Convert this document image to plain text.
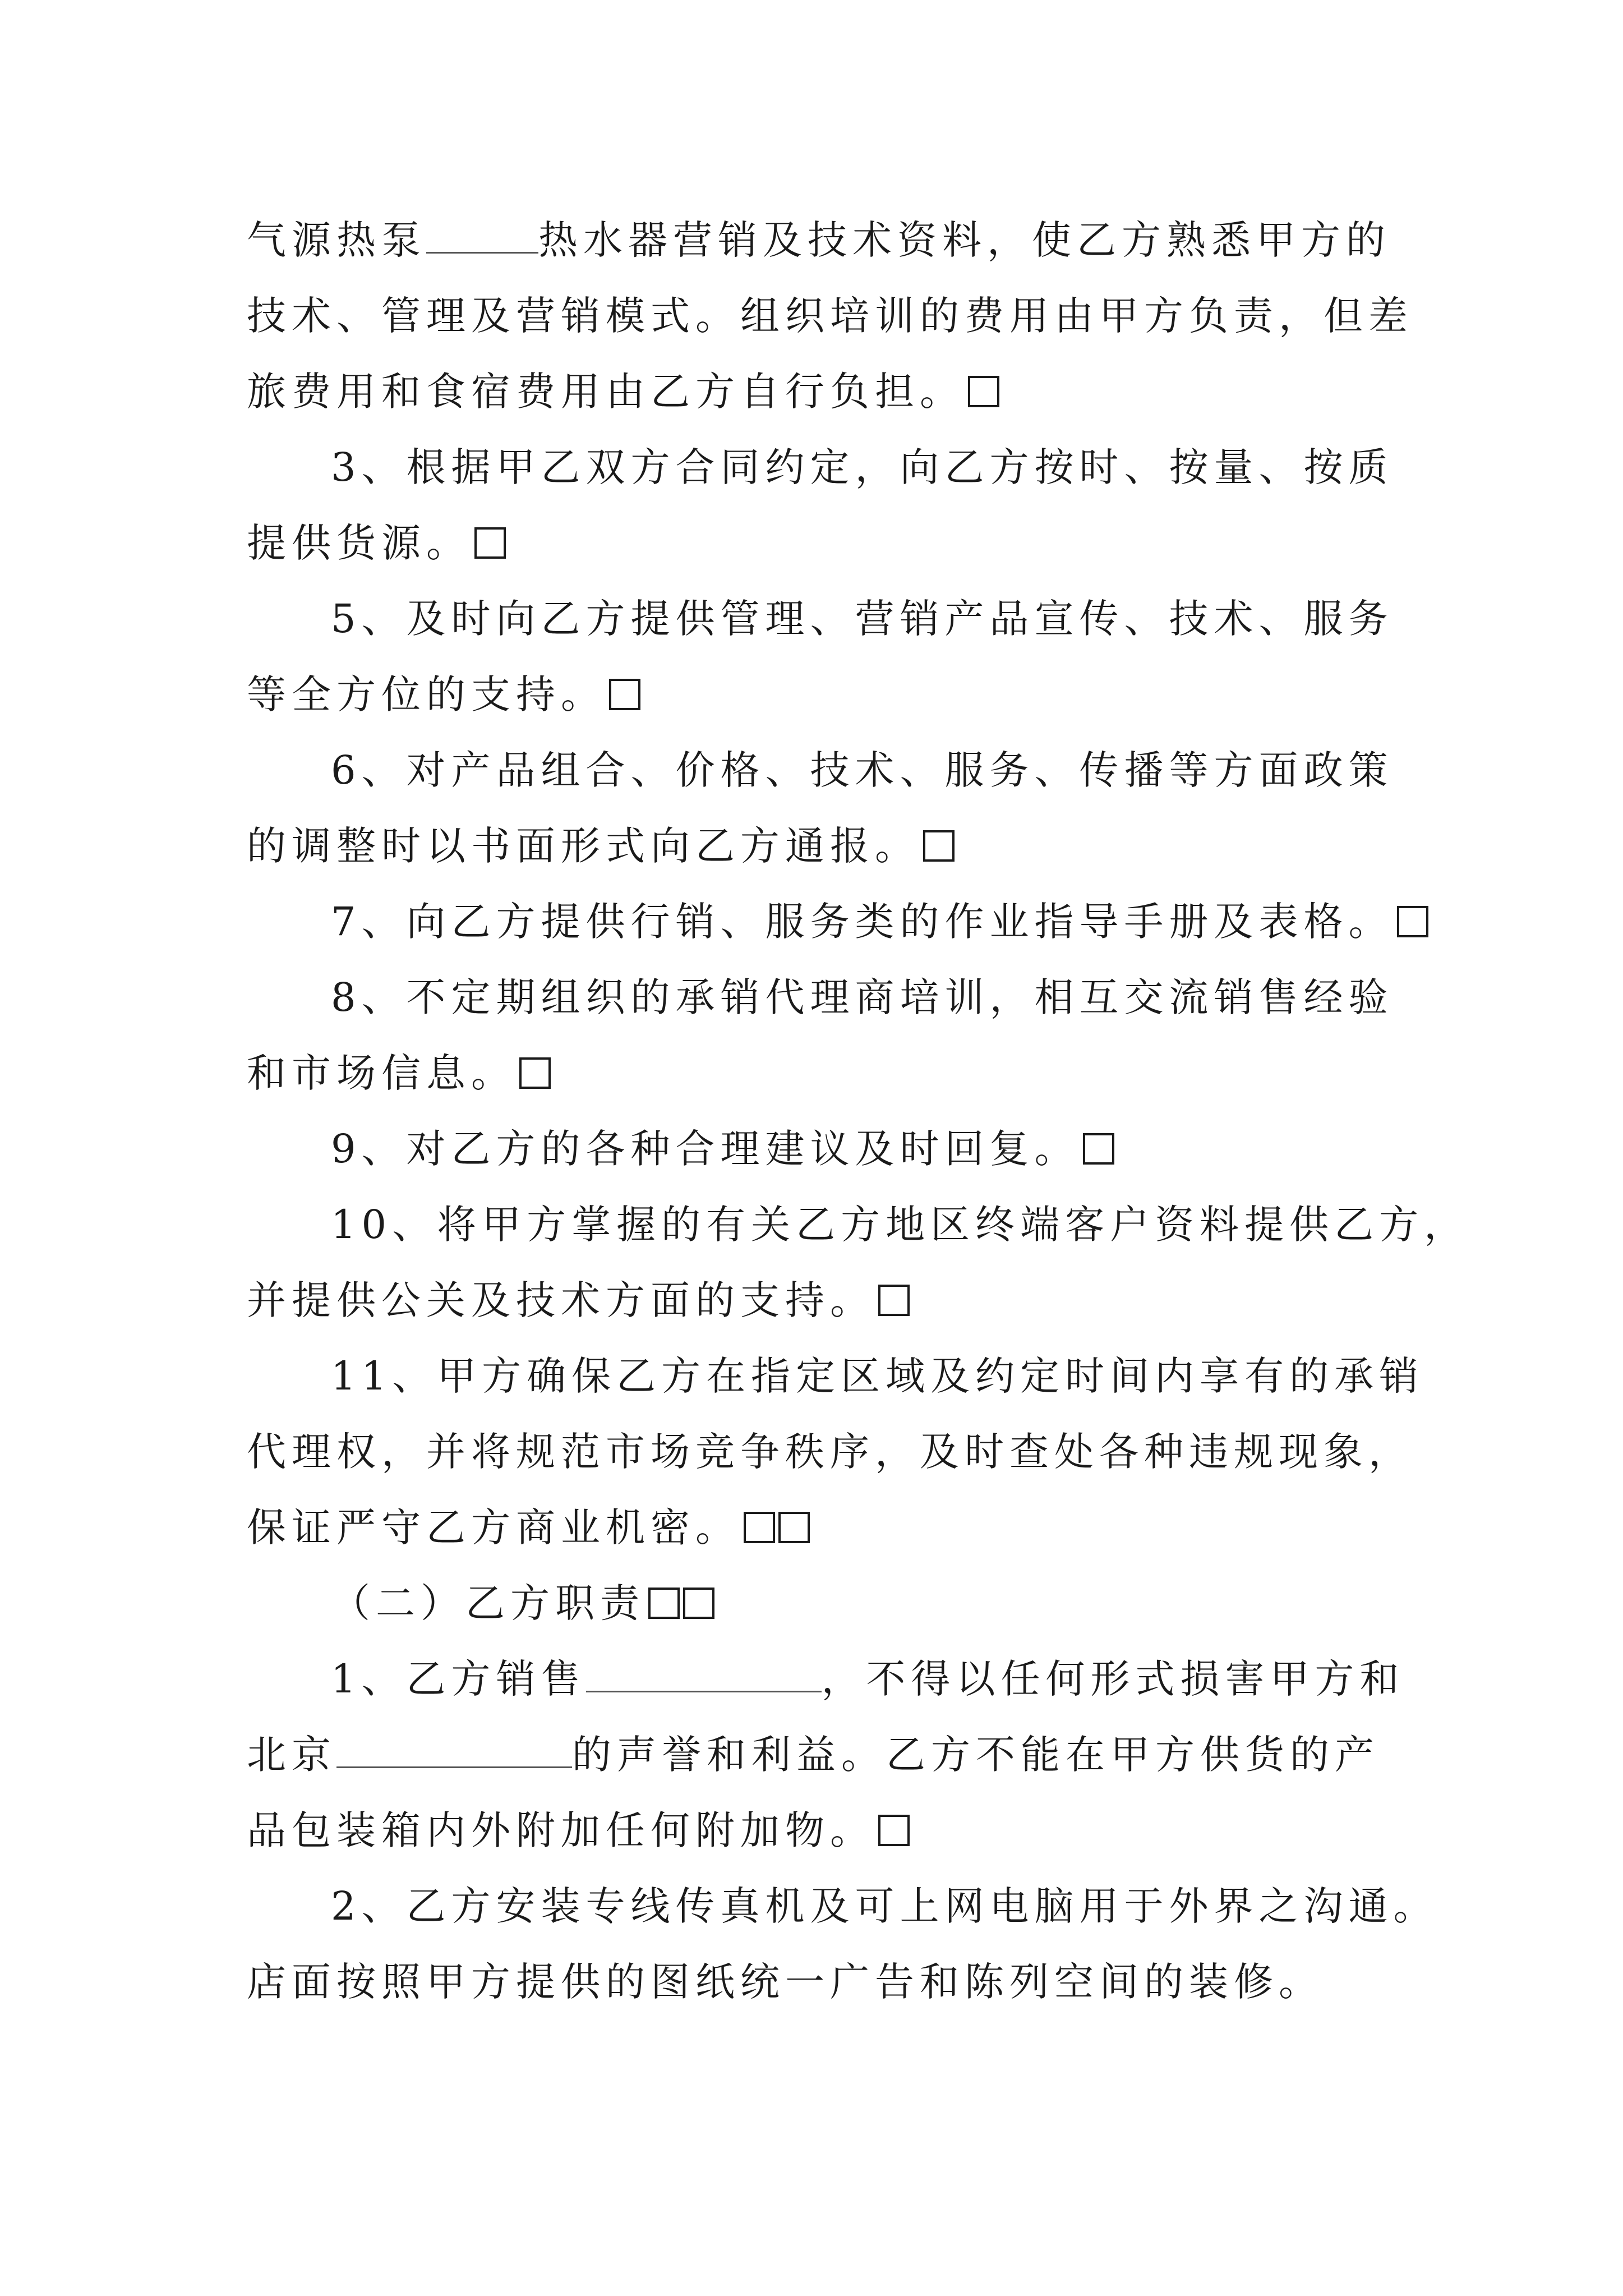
气源热泵	热水器营销及技术资料，使乙方熟悉甲方的
技术、管理及营销模式。组织培训的费用由甲方负责，但差
旅费用和食宿费用由乙方自行负担。
3、根据甲乙双方合同约定，向乙方按时、按量、按质
提供货源。
5、及时向乙方提供管理、营销产品宣传、技术、服务
等全方位的支持。
6、对产品组合、价格、技术、服务、传播等方面政策
的调整时以书面形式向乙方通报。
7、向乙方提供行销、服务类的作业指导手册及表格。
8、不定期组织的承销代理商培训，相互交流销售经验
和市场信息。
9、对乙方的各种合理建议及时回复。
10、将甲方掌握的有关乙方地区终端客户资料提供乙方，
并提供公关及技术方面的支持。
11、甲方确保乙方在指定区域及约定时间内享有的承销
代理权，并将规范市场竞争秩序，及时查处各种违规现象，
保证严守乙方商业机密。
（二）乙方职责
1、乙方销售	，不得以任何形式损害甲方和
北京	的声誉和利益。乙方不能在甲方供货的产
品包装箱内外附加任何附加物。
2、乙方安装专线传真机及可上网电脑用于外界之沟通。
店面按照甲方提供的图纸统一广告和陈列空间的装修。
